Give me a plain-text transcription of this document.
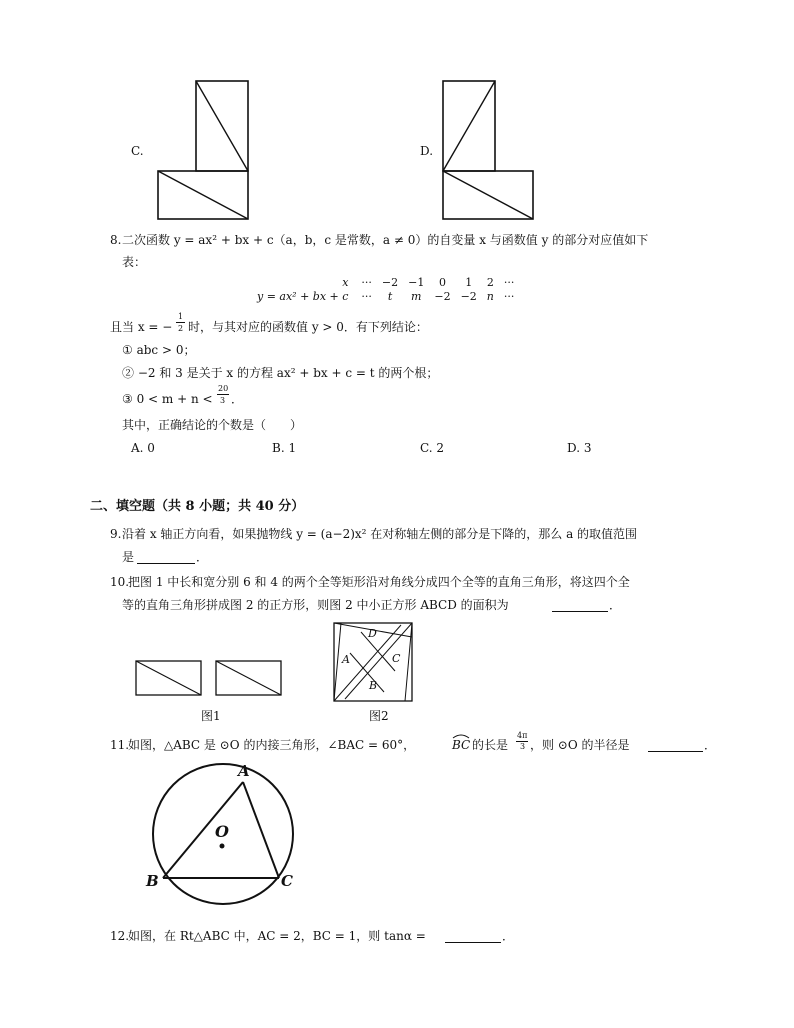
C.	D.
8. 二次函数 y = ax² + bx + c（a，b，c 是常数，a ≠ 0）的自变量 x 与函数值 y 的部分对应值如下
表：
x	···	−2	−1	0	1	2	···
y = ax² + bx + c	···	t	m	−2	−2	n	···
且当 x = −
1
2 时，与其对应的函数值 y > 0．有下列结论：
① abc > 0；
② −2 和 3 是关于 x 的方程 ax² + bx + c = t 的两个根；
③ 0 < m + n <
20
3 ．
其中，正确结论的个数是（　　）
A. 0	B. 1	C. 2	D. 3
二、填空题（共 8 小题；共 40 分）
9. 沿着 x 轴正方向看，如果抛物线 y = (a−2)x² 在对称轴左侧的部分是下降的，那么 a 的取值范围
是	．
10.
把图 1 中长和宽分别 6 和 4 的两个全等矩形沿对角线分成四个全等的直角三角形，将这四个全
等的直角三角形拼成图 2 的正方形，则图 2 中小正方形 ABCD 的面积为	．
图1
D
A	C
B
图2
11.
如图，△ABC 是 ⊙O 的内接三角形，∠BAC = 60°，	BC 的长是
4π
3 ，则 ⊙O 的半径是	．
A
O
B	C
12.
如图，在 Rt△ABC 中，AC = 2，BC = 1，则 tanα =	．
